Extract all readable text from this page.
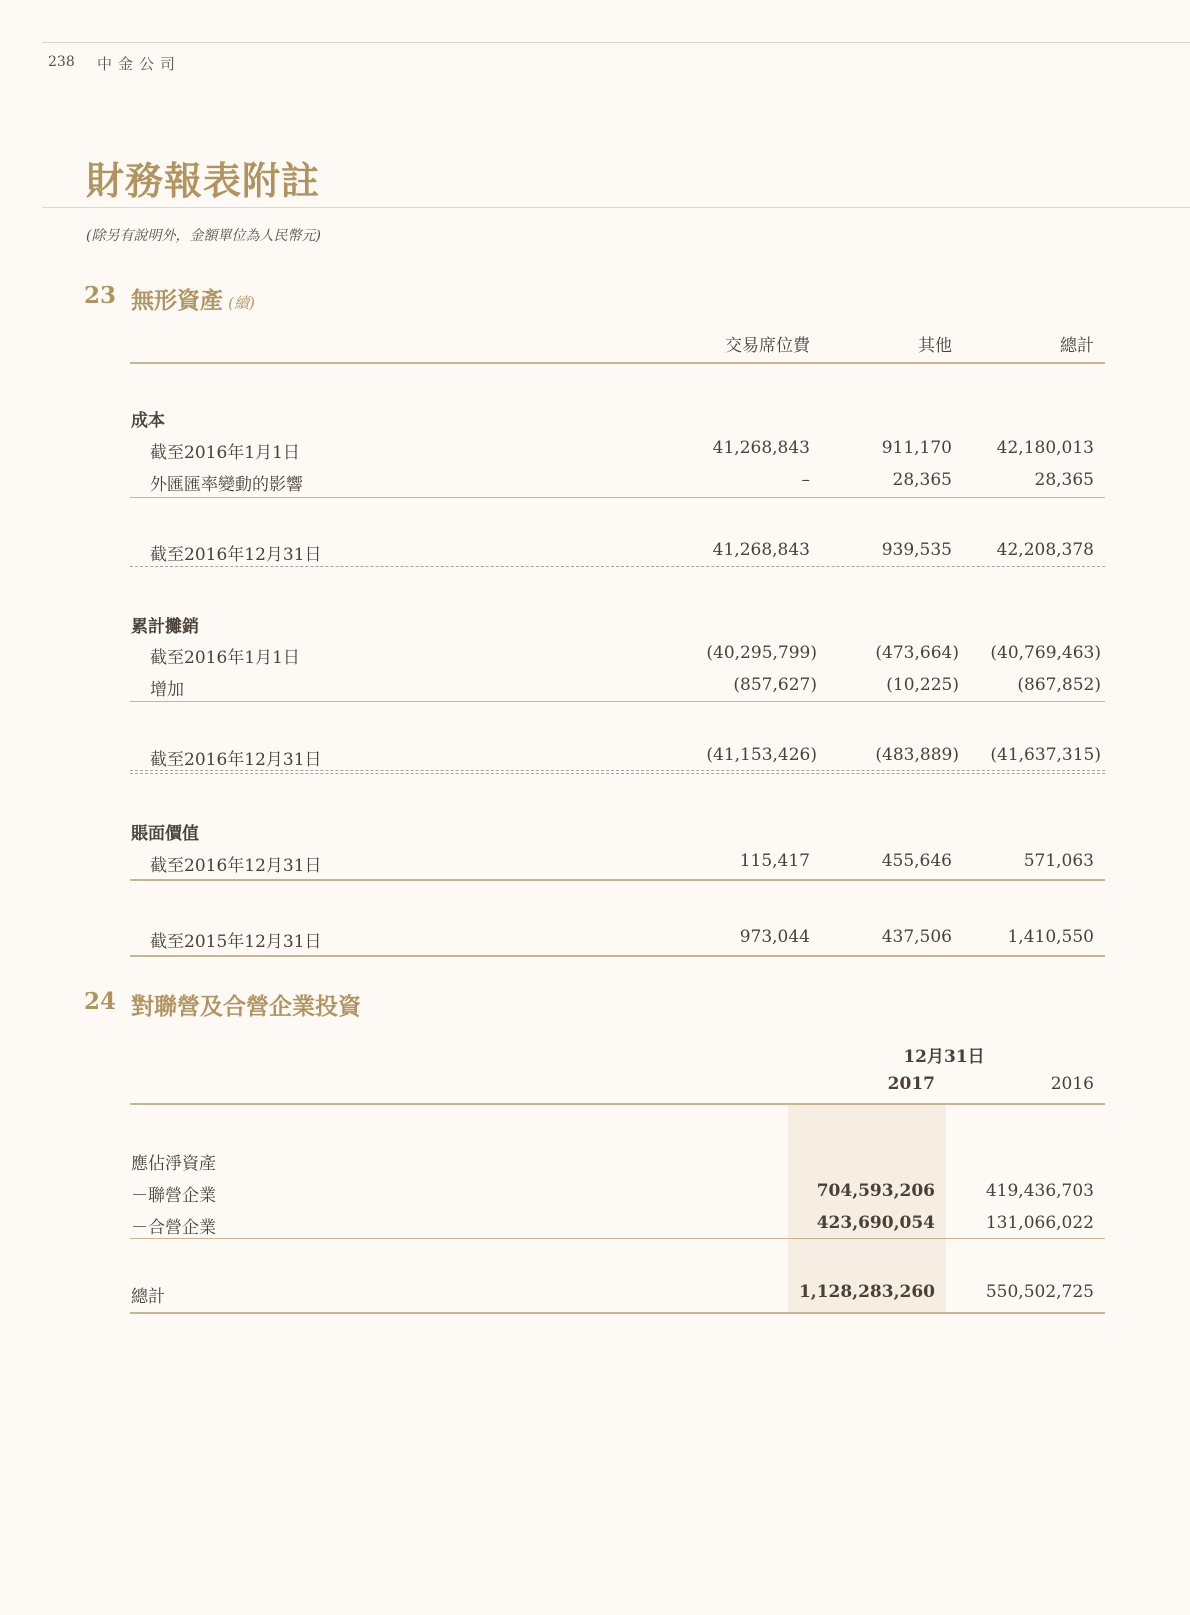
238 中金公司
財務報表附註
(除另有說明外，金額單位為人民幣元)
23 無形資產 (續)
交易席位費	其他	總計
成本
截至2016年1月1日	41,268,843	911,170	42,180,013
外匯匯率變動的影響	–	28,365	28,365
截至2016年12月31日	41,268,843	939,535	42,208,378
累計攤銷
截至2016年1月1日	(40,295,799)	(473,664) (40,769,463)
增加	(857,627)	(10,225)	(867,852)
截至2016年12月31日	(41,153,426)	(483,889) (41,637,315)
賬面價值
截至2016年12月31日	115,417	455,646	571,063
截至2015年12月31日	973,044	437,506	1,410,550
24 對聯營及合營企業投資
12月31日
2017	2016
應佔淨資產
－聯營企業	704,593,206	419,436,703
－合營企業	423,690,054	131,066,022
總計	1,128,283,260	550,502,725
